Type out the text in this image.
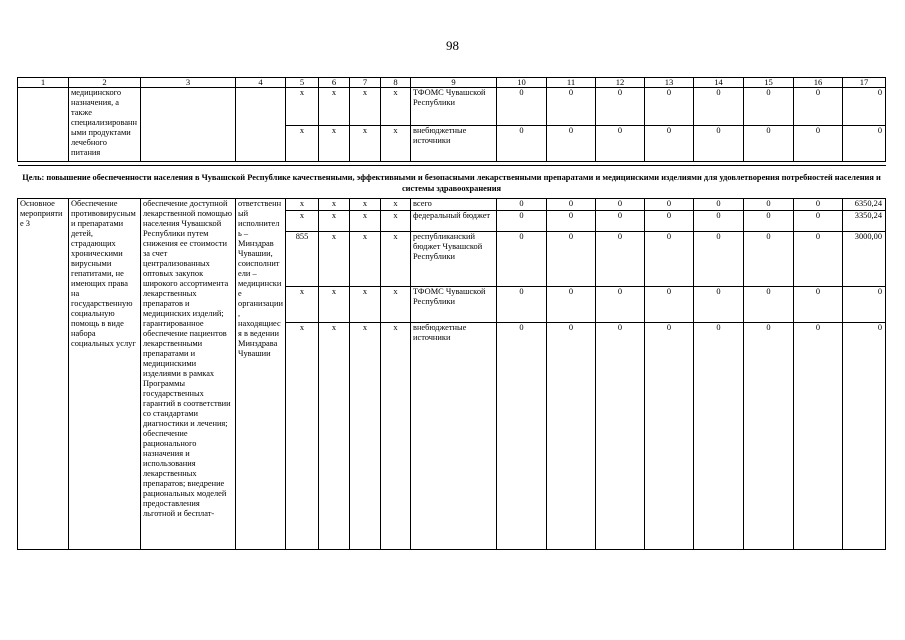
98
1	2	3	4	5	6	7	8	9	10	11	12	13	14	15	16	17
	медицинского назначения, а также специализированными продуктами лечебного питания			x	x	x	x	ТФОМС Чувашской Республики	0	0	0	0	0	0	0	0
				x	x	x	x	внебюджетные источники	0	0	0	0	0	0	0	0

Цель: повышение обеспеченности населения в Чувашской Республике качественными, эффективными и безопасными лекарственными препаратами и медицинскими изделиями для удовлетворения потребностей населения и системы здравоохранения																
Основное мероприятие 3	Обеспечение противовирусными препаратами детей, страдающих хроническими вирусными гепатитами, не имеющих права на государственную социальную помощь в виде набора социальных услуг	обеспечение доступной лекарственной помощью населения Чувашской Республики путем снижения ее стоимости за счет централизованных оптовых закупок широкого ассортимента лекарственных препаратов и медицинских изделий; гарантированное обеспечение пациентов лекарственными препаратами и медицинскими изделиями в рамках Программы государственных гарантий в соответствии со стандартами диагностики и лечения; обеспечение рационального назначения и использования лекарственных препаратов; внедрение рациональных моделей предоставления льготной и бесплат-	ответственный исполнитель – Минздрав Чувашии, соисполнители – медицинские организации, находящиеся в ведении Минздрава Чувашии	x	x	x	x	всего	0	0	0	0	0	0	0	6350,24
				x	x	x	x	федеральный бюджет	0	0	0	0	0	0	0	3350,24
				855	x	x	x	республиканский бюджет Чувашской Республики	0	0	0	0	0	0	0	3000,00
				x	x	x	x	ТФОМС Чувашской Республики	0	0	0	0	0	0	0	0
				x	x	x	x	внебюджетные источники	0	0	0	0	0	0	0	0
